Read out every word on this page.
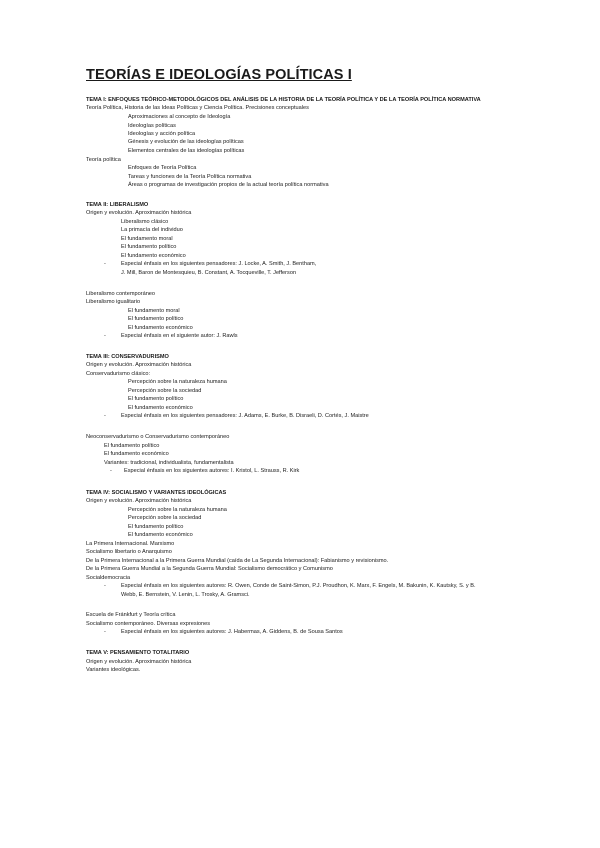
TEORÍAS E IDEOLOGÍAS POLÍTICAS I
TEMA I: ENFOQUES TEÓRICO-METODOLÓGICOS DEL ANÁLISIS DE LA HISTORIA DE LA TEORÍA POLÍTICA Y DE LA TEORÍA POLÍTICA NORMATIVA
Teoría Política, Historia de las Ideas Políticas y Ciencia Política. Precisiones conceptuales
Aproximaciones al concepto de Ideología
Ideologías políticas
Ideologías y acción política
Génesis y evolución de las ideologías políticas
Elementos centrales de las ideologías políticas
Teoría política
Enfoques de Teoría Política
Tareas y funciones de la Teoría Política normativa
Áreas o programas de investigación propios de la actual teoría política normativa
TEMA II: LIBERALISMO
Origen y evolución. Aproximación histórica
Liberalismo clásico
La primacía del individuo
El fundamento moral
El fundamento político
El fundamento económico
-	Especial énfasis en los siguientes pensadores: J. Locke, A. Smith, J. Bentham,
J. Mill, Baron de Montesquieu, B. Constant, A. Tocqueville, T. Jefferson
Liberalismo contemporáneo
Liberalismo igualitario
El fundamento moral
El fundamento político
El fundamento económico
-	Especial énfasis en el siguiente autor: J. Rawls
TEMA III: CONSERVADURISMO
Origen y evolución. Aproximación histórica
Conservadurismo clásico:
Percepción sobre la naturaleza humana
Percepción sobre la sociedad
El fundamento político
El fundamento económico
-	Especial énfasis en los siguientes pensadores: J. Adams, E. Burke, B. Disraeli, D. Cortés, J. Maistre
Neoconservadurismo o Conservadurismo contemporáneo
El fundamento político
El fundamento económico
Variantes: tradicional, individualista, fundamentalista
- Especial énfasis en los siguientes autores: I. Kristol, L. Strauss, R. Kirk
TEMA IV: SOCIALISMO Y VARIANTES IDEOLÓGICAS
Origen y evolución. Aproximación histórica
Percepción sobre la naturaleza humana
Percepción sobre la sociedad
El fundamento político
El fundamento económico
La Primera Internacional. Marxismo
Socialismo libertario o Anarquismo
De la Primera Internacional a la Primera Guerra Mundial (caída de La Segunda Internacional): Fabianismo y revisionismo.
De la Primera Guerra Mundial a la Segunda Guerra Mundial: Socialismo democrático y Comunismo
Socialdemocracia
-	Especial énfasis en los siguientes autores: R. Owen, Conde de Saint-Simon, P.J. Proudhon, K. Marx, F. Engels, M. Bakunin, K. Kautsky, S. y B.
Webb, E. Bernstein, V. Lenin, L. Trosky, A. Gramsci.
Escuela de Fránkfurt y Teoría crítica
Socialismo contemporáneo. Diversas expresiones
-	Especial énfasis en los siguientes autores: J. Habermas, A. Giddens, B. de Sousa Santos
TEMA V: PENSAMIENTO TOTALITARIO
Origen y evolución. Aproximación histórica
Variantes ideológicas.
